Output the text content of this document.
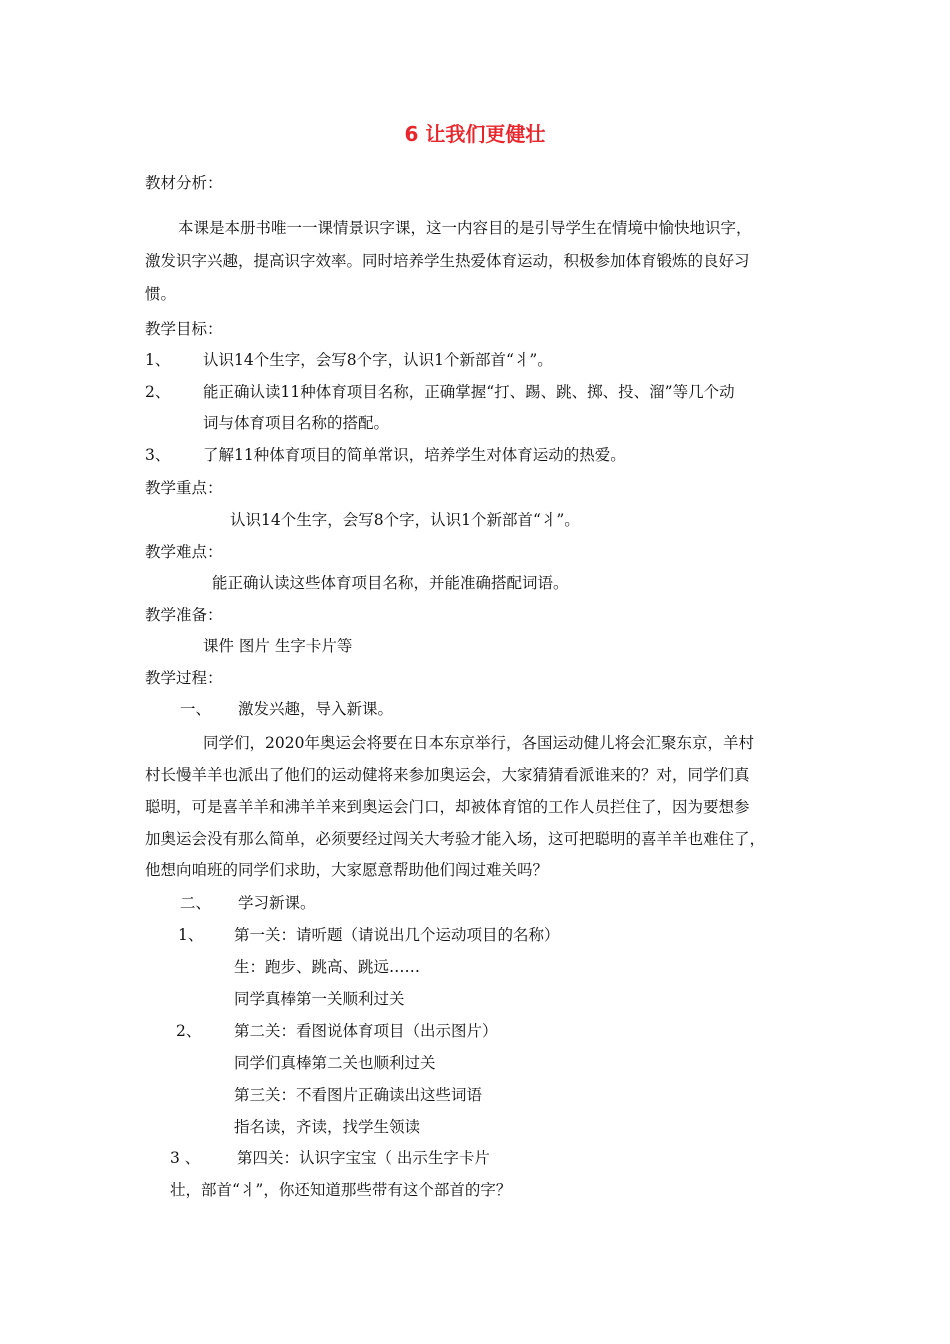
6 让我们更健壮
教材分析：
本课是本册书唯一一课情景识字课，这一内容目的是引导学生在情境中愉快地识字，
激发识字兴趣，提高识字效率。同时培养学生热爱体育运动，积极参加体育锻炼的良好习
惯。
教学目标：
1、 认识14个生字，会写8个字，认识1个新部首“丬”。
2、 能正确认读11种体育项目名称，正确掌握“打、踢、跳、掷、投、溜”等几个动
词与体育项目名称的搭配。
3、 了解11种体育项目的简单常识，培养学生对体育运动的热爱。
教学重点：
认识14个生字，会写8个字，认识1个新部首“丬”。
教学难点：
能正确认读这些体育项目名称，并能准确搭配词语。
教学准备：
课件 图片 生字卡片等
教学过程：
一、 激发兴趣，导入新课。
同学们，2020年奥运会将要在日本东京举行，各国运动健儿将会汇聚东京，羊村
村长慢羊羊也派出了他们的运动健将来参加奥运会，大家猜猜看派谁来的？对，同学们真
聪明，可是喜羊羊和沸羊羊来到奥运会门口，却被体育馆的工作人员拦住了，因为要想参
加奥运会没有那么简单，必须要经过闯关大考验才能入场，这可把聪明的喜羊羊也难住了，
他想向咱班的同学们求助，大家愿意帮助他们闯过难关吗？
二、 学习新课。
1、 第一关：请听题（请说出几个运动项目的名称）
生：跑步、跳高、跳远……
同学真棒第一关顺利过关
2、 第二关：看图说体育项目（出示图片）
同学们真棒第二关也顺利过关
第三关：不看图片正确读出这些词语
指名读，齐读，找学生领读
3 、 第四关：认识字宝宝（ 出示生字卡片
壮，部首“丬”，你还知道那些带有这个部首的字？
